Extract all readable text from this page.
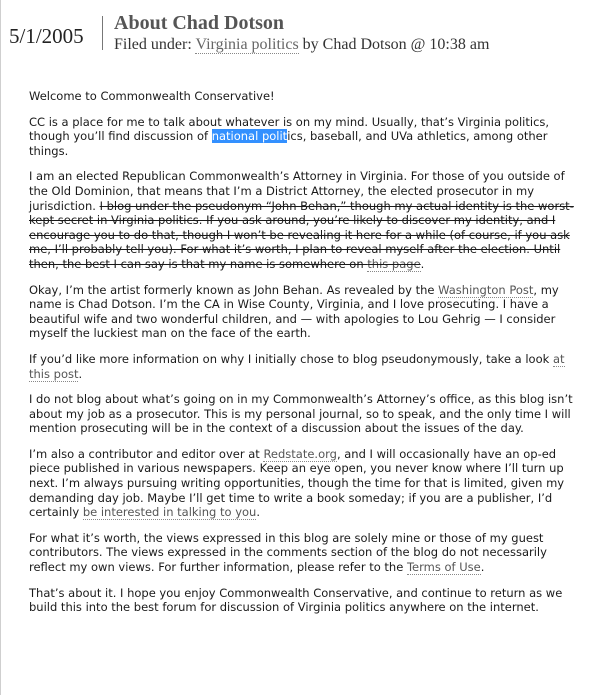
5/1/2005
About Chad Dotson
Filed under: Virginia politics by Chad Dotson @ 10:38 am

Welcome to Commonwealth Conservative!

CC is a place for me to talk about whatever is on my mind. Usually, that’s Virginia politics, though you’ll find discussion of national politics, baseball, and UVa athletics, among other things.

I am an elected Republican Commonwealth’s Attorney in Virginia. For those of you outside of the Old Dominion, that means that I’m a District Attorney, the elected prosecutor in my jurisdiction. I blog under the pseudonym “John Behan,” though my actual identity is the worst-kept secret in Virginia politics. If you ask around, you’re likely to discover my identity, and I encourage you to do that, though I won’t be revealing it here for a while (of course, if you ask me, I’ll probably tell you). For what it’s worth, I plan to reveal myself after the election. Until then, the best I can say is that my name is somewhere on this page.

Okay, I’m the artist formerly known as John Behan. As revealed by the Washington Post, my name is Chad Dotson. I’m the CA in Wise County, Virginia, and I love prosecuting. I have a beautiful wife and two wonderful children, and — with apologies to Lou Gehrig — I consider myself the luckiest man on the face of the earth.

If you’d like more information on why I initially chose to blog pseudonymously, take a look at this post.

I do not blog about what’s going on in my Commonwealth’s Attorney’s office, as this blog isn’t about my job as a prosecutor. This is my personal journal, so to speak, and the only time I will mention prosecuting will be in the context of a discussion about the issues of the day.

I’m also a contributor and editor over at Redstate.org, and I will occasionally have an op-ed piece published in various newspapers. Keep an eye open, you never know where I’ll turn up next. I’m always pursuing writing opportunities, though the time for that is limited, given my demanding day job. Maybe I’ll get time to write a book someday; if you are a publisher, I’d certainly be interested in talking to you.

For what it’s worth, the views expressed in this blog are solely mine or those of my guest contributors. The views expressed in the comments section of the blog do not necessarily reflect my own views. For further information, please refer to the Terms of Use.

That’s about it. I hope you enjoy Commonwealth Conservative, and continue to return as we build this into the best forum for discussion of Virginia politics anywhere on the internet.
